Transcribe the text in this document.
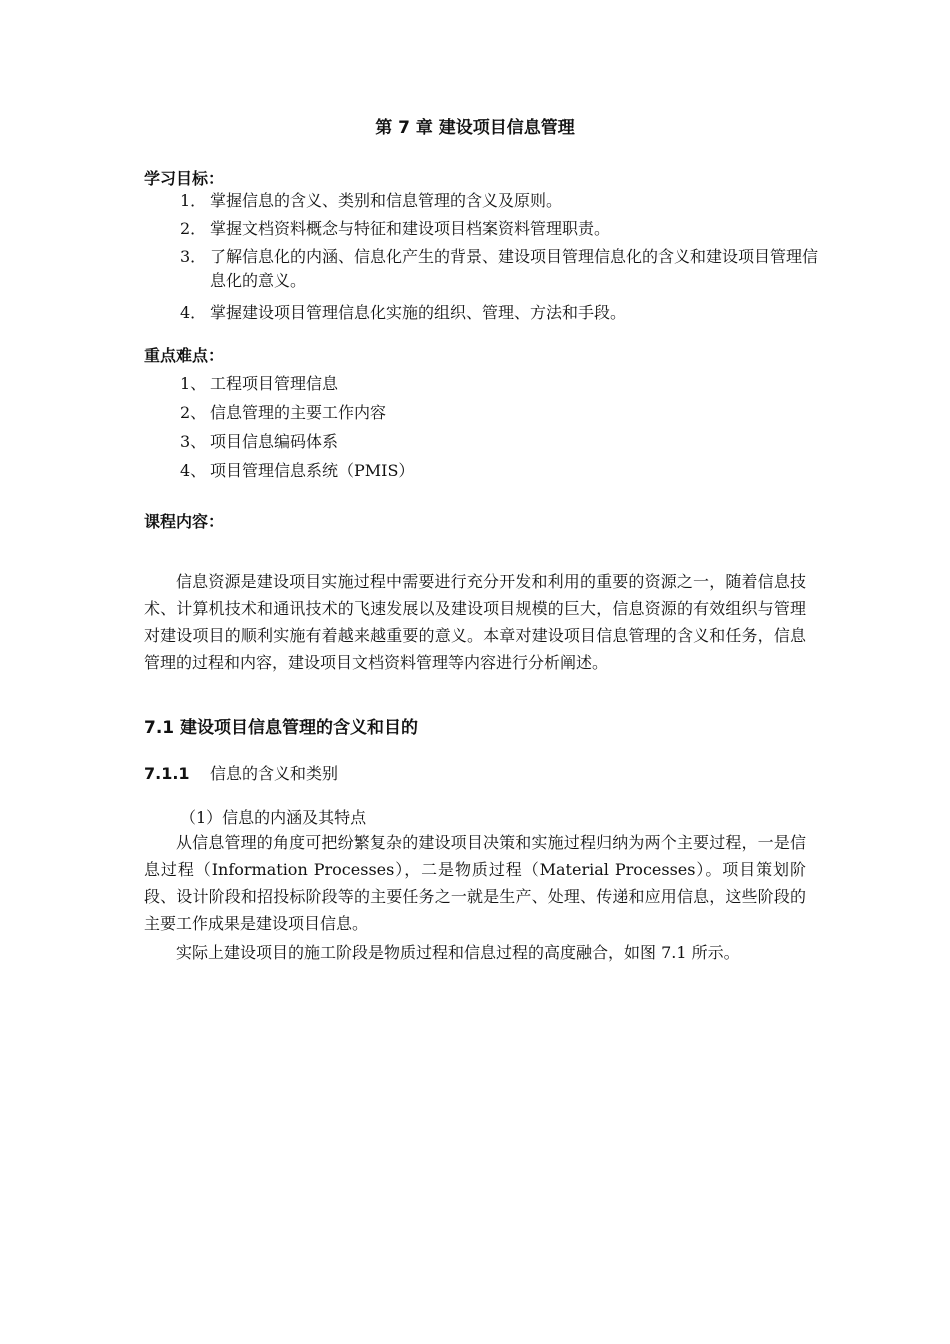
第 7 章 建设项目信息管理
学习目标：
1． 掌握信息的含义、类别和信息管理的含义及原则。
2． 掌握文档资料概念与特征和建设项目档案资料管理职责。
3． 了解信息化的内涵、信息化产生的背景、建设项目管理信息化的含义和建设项目管理信息化的意义。
4． 掌握建设项目管理信息化实施的组织、管理、方法和手段。
重点难点：
1、 工程项目管理信息
2、 信息管理的主要工作内容
3、 项目信息编码体系
4、 项目管理信息系统（PMIS）
课程内容：

信息资源是建设项目实施过程中需要进行充分开发和利用的重要的资源之一，随着信息技术、计算机技术和通讯技术的飞速发展以及建设项目规模的巨大，信息资源的有效组织与管理对建设项目的顺利实施有着越来越重要的意义。本章对建设项目信息管理的含义和任务，信息管理的过程和内容，建设项目文档资料管理等内容进行分析阐述。

7.1 建设项目信息管理的含义和目的
7.1.1 信息的含义和类别
（1）信息的内涵及其特点

从信息管理的角度可把纷繁复杂的建设项目决策和实施过程归纳为两个主要过程，一是信息过程（Information Processes），二是物质过程（Material Processes）。项目策划阶段、设计阶段和招投标阶段等的主要任务之一就是生产、处理、传递和应用信息，这些阶段的主要工作成果是建设项目信息。

实际上建设项目的施工阶段是物质过程和信息过程的高度融合，如图 7.1 所示。
